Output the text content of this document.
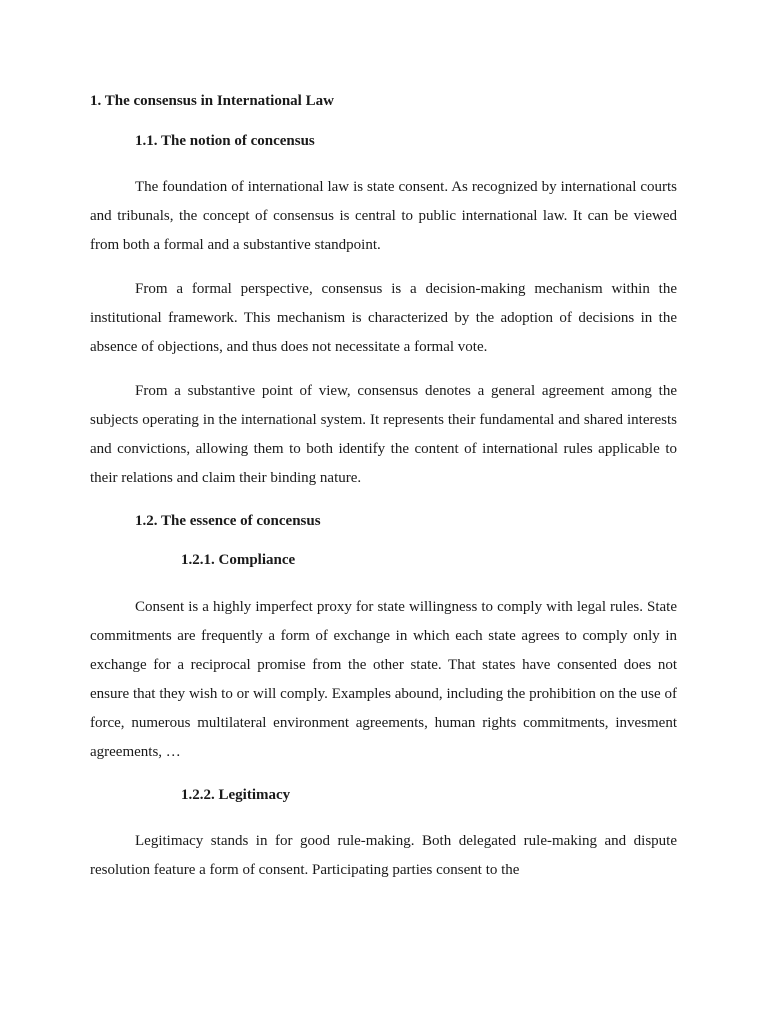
1. The consensus in International Law
1.1. The notion of concensus

The foundation of international law is state consent. As recognized by international courts and tribunals, the concept of consensus is central to public international law. It can be viewed from both a formal and a substantive standpoint.

From a formal perspective, consensus is a decision-making mechanism within the institutional framework. This mechanism is characterized by the adoption of decisions in the absence of objections, and thus does not necessitate a formal vote.

From a substantive point of view, consensus denotes a general agreement among the subjects operating in the international system. It represents their fundamental and shared interests and convictions, allowing them to both identify the content of international rules applicable to their relations and claim their binding nature.

1.2. The essence of concensus
1.2.1. Compliance

Consent is a highly imperfect proxy for state willingness to comply with legal rules. State commitments are frequently a form of exchange in which each state agrees to comply only in exchange for a reciprocal promise from the other state. That states have consented does not ensure that they wish to or will comply. Examples abound, including the prohibition on the use of force, numerous multilateral environment agreements, human rights commitments, invesment agreements, …

1.2.2. Legitimacy

Legitimacy stands in for good rule-making. Both delegated rule-making and dispute resolution feature a form of consent. Participating parties consent to the
